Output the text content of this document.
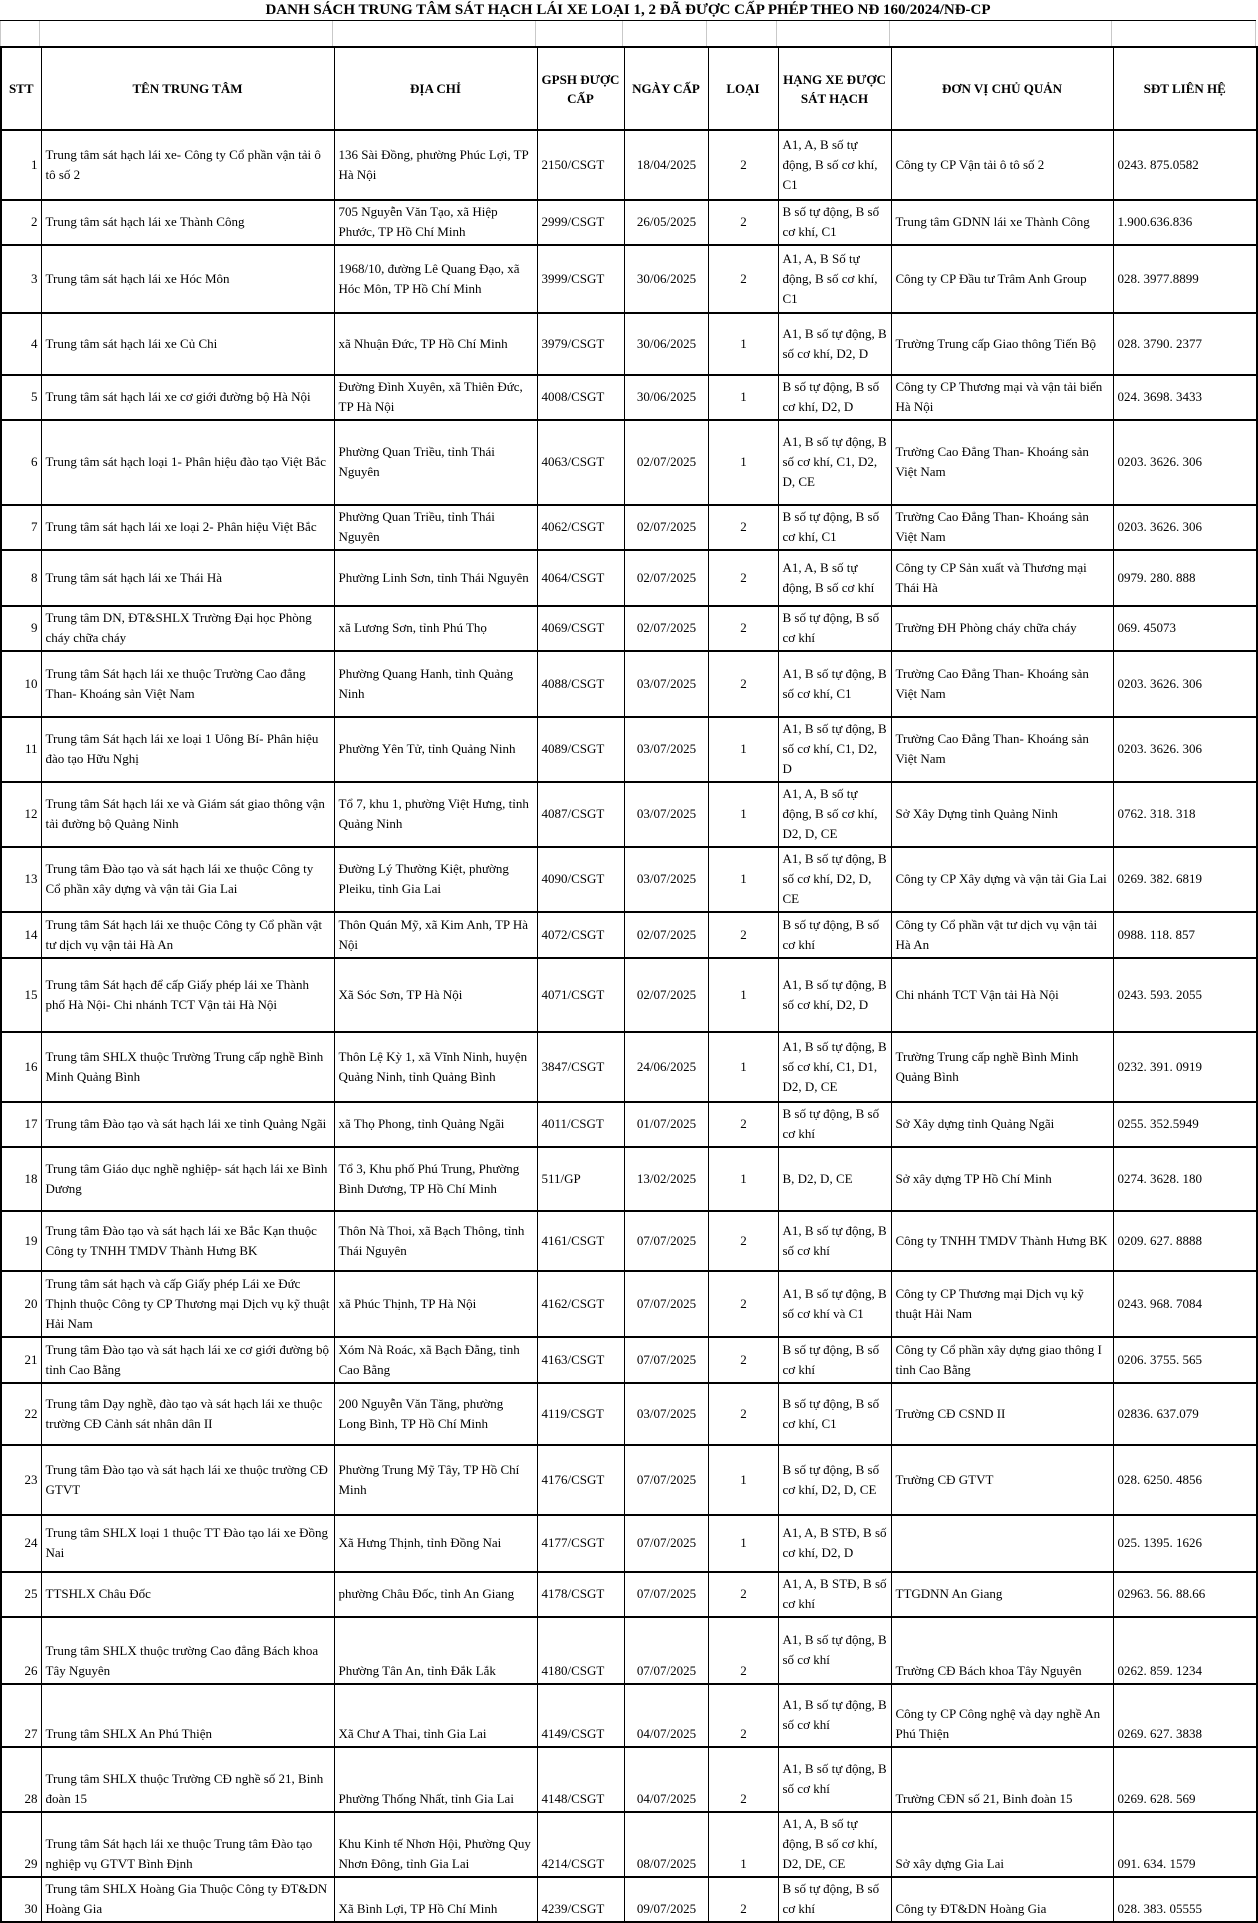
DANH SÁCH TRUNG TÂM SÁT HẠCH LÁI XE LOẠI 1, 2 ĐÃ ĐƯỢC CẤP PHÉP THEO NĐ 160/2024/NĐ-CP
STT	TÊN TRUNG TÂM	ĐỊA CHỈ	GPSH ĐƯỢC CẤP	NGÀY CẤP	LOẠI	HẠNG XE ĐƯỢC SÁT HẠCH	ĐƠN VỊ CHỦ QUẢN	SĐT LIÊN HỆ
1	Trung tâm sát hạch lái xe- Công ty Cổ phần vận tải ô tô số 2	136 Sài Đồng, phường Phúc Lợi, TP Hà Nội	2150/CSGT	18/04/2025	2	A1, A, B số tự động, B số cơ khí, C1	Công ty CP Vận tải ô tô số 2	0243. 875.0582
2	Trung tâm sát hạch lái xe Thành Công	705 Nguyễn Văn Tạo, xã Hiệp Phước, TP Hồ Chí Minh	2999/CSGT	26/05/2025	2	B số tự động, B số cơ khí, C1	Trung tâm GDNN lái xe Thành Công	1.900.636.836
3	Trung tâm sát hạch lái xe Hóc Môn	1968/10, đường Lê Quang Đạo, xã Hóc Môn, TP Hồ Chí Minh	3999/CSGT	30/06/2025	2	A1, A, B Số tự động, B số cơ khí, C1	Công ty CP Đầu tư Trâm Anh Group	028. 3977.8899
4	Trung tâm sát hạch lái xe Củ Chi	xã Nhuận Đức, TP Hồ Chí Minh	3979/CSGT	30/06/2025	1	A1, B số tự động, B số cơ khí, D2, D	Trường Trung cấp Giao thông Tiến Bộ	028. 3790. 2377
5	Trung tâm sát hạch lái xe cơ giới đường bộ Hà Nội	Đường Đình Xuyên, xã Thiên Đức, TP Hà Nội	4008/CSGT	30/06/2025	1	B số tự động, B số cơ khí, D2, D	Công ty CP Thương mại và vận tải biển Hà Nội	024. 3698. 3433
6	Trung tâm sát hạch loại 1- Phân hiệu đào tạo Việt Bắc	Phường Quan Triều, tỉnh Thái Nguyên	4063/CSGT	02/07/2025	1	A1, B số tự động, B số cơ khí, C1, D2, D, CE	Trường Cao Đẳng Than- Khoáng sản Việt Nam	0203. 3626. 306
7	Trung tâm sát hạch lái xe loại 2- Phân hiệu Việt Bắc	Phường Quan Triều, tỉnh Thái Nguyên	4062/CSGT	02/07/2025	2	B số tự động, B số cơ khí, C1	Trường Cao Đẳng Than- Khoáng sản Việt Nam	0203. 3626. 306
8	Trung tâm sát hạch lái xe Thái Hà	Phường Linh Sơn, tỉnh Thái Nguyên	4064/CSGT	02/07/2025	2	A1, A, B số tự động, B số cơ khí	Công ty CP Sản xuất và Thương mại Thái Hà	0979. 280. 888
9	Trung tâm DN, ĐT&SHLX Trường Đại học Phòng cháy chữa cháy	xã Lương Sơn, tỉnh Phú Thọ	4069/CSGT	02/07/2025	2	B số tự động, B số cơ khí	Trường ĐH Phòng cháy chữa cháy	069. 45073
10	Trung tâm Sát hạch lái xe thuộc Trường Cao đẳng Than- Khoáng sản Việt Nam	Phường Quang Hanh, tỉnh Quảng Ninh	4088/CSGT	03/07/2025	2	A1, B số tự động, B số cơ khí, C1	Trường Cao Đẳng Than- Khoáng sản Việt Nam	0203. 3626. 306
11	Trung tâm Sát hạch lái xe loại 1 Uông Bí- Phân hiệu đào tạo Hữu Nghị	Phường Yên Tử, tỉnh Quảng Ninh	4089/CSGT	03/07/2025	1	A1, B số tự động, B số cơ khí, C1, D2, D	Trường Cao Đẳng Than- Khoáng sản Việt Nam	0203. 3626. 306
12	Trung tâm Sát hạch lái xe và Giám sát giao thông vận tải đường bộ Quảng Ninh	Tổ 7, khu 1, phường Việt Hưng, tỉnh Quảng Ninh	4087/CSGT	03/07/2025	1	A1, A, B số tự động, B số cơ khí, D2, D, CE	Sở Xây Dựng tỉnh Quảng Ninh	0762. 318. 318
13	Trung tâm Đào tạo và sát hạch lái xe thuộc Công ty Cổ phần xây dựng và vận tải Gia Lai	Đường Lý Thường Kiệt, phường Pleiku, tỉnh Gia Lai	4090/CSGT	03/07/2025	1	A1, B số tự động, B số cơ khí, D2, D, CE	Công ty CP Xây dựng và vận tải Gia Lai	0269. 382. 6819
14	Trung tâm Sát hạch lái xe thuộc Công ty Cổ phần vật tư dịch vụ vận tải Hà An	Thôn Quán Mỹ, xã Kim Anh, TP Hà Nội	4072/CSGT	02/07/2025	2	B số tự động, B số cơ khí	Công ty Cổ phần vật tư dịch vụ vận tải Hà An	0988. 118. 857
15	Trung tâm Sát hạch để cấp Giấy phép lái xe Thành phố Hà Nội- Chi nhánh TCT Vận tải Hà Nội	Xã Sóc Sơn, TP Hà Nội	4071/CSGT	02/07/2025	1	A1, B số tự động, B số cơ khí, D2, D	Chi nhánh TCT Vận tải Hà Nội	0243. 593. 2055
16	Trung tâm SHLX thuộc Trường Trung cấp nghề Bình Minh Quảng Bình	Thôn Lệ Kỳ 1, xã Vĩnh Ninh, huyện Quảng Ninh, tỉnh Quảng Bình	3847/CSGT	24/06/2025	1	A1, B số tự động, B số cơ khí, C1, D1, D2, D, CE	Trường Trung cấp nghề Bình Minh Quảng Bình	0232. 391. 0919
17	Trung tâm Đào tạo và sát hạch lái xe tỉnh Quảng Ngãi	xã Thọ Phong, tỉnh Quảng Ngãi	4011/CSGT	01/07/2025	2	B số tự động, B số cơ khí	Sở Xây dựng tỉnh Quảng Ngãi	0255. 352.5949
18	Trung tâm Giáo dục nghề nghiệp- sát hạch lái xe Bình Dương	Tổ 3, Khu phố Phú Trung, Phường Bình Dương, TP Hồ Chí Minh	511/GP	13/02/2025	1	B, D2, D, CE	Sở xây dựng TP Hồ Chí Minh	0274. 3628. 180
19	Trung tâm Đào tạo và sát hạch lái xe Bắc Kạn thuộc Công ty TNHH TMDV Thành Hưng BK	Thôn Nà Thoi, xã Bạch Thông, tỉnh Thái Nguyên	4161/CSGT	07/07/2025	2	A1, B số tự động, B số cơ khí	Công ty TNHH TMDV Thành Hưng BK	0209. 627. 8888
20	Trung tâm sát hạch và cấp Giấy phép Lái xe Đức Thịnh thuộc Công ty CP Thương mại Dịch vụ kỹ thuật Hải Nam	xã Phúc Thịnh, TP Hà Nội	4162/CSGT	07/07/2025	2	A1, B số tự động, B số cơ khí và C1	Công ty CP Thương mại Dịch vụ kỹ thuật Hải Nam	0243. 968. 7084
21	Trung tâm Đào tạo và sát hạch lái xe cơ giới đường bộ tỉnh Cao Bằng	Xóm Nà Roác, xã Bạch Đằng, tỉnh Cao Bằng	4163/CSGT	07/07/2025	2	B số tự động, B số cơ khí	Công ty Cổ phần xây dựng giao thông I tỉnh Cao Bằng	0206. 3755. 565
22	Trung tâm Dạy nghề, đào tạo và sát hạch lái xe thuộc trường CĐ Cảnh sát nhân dân II	200 Nguyễn Văn Tăng, phường Long Bình, TP Hồ Chí Minh	4119/CSGT	03/07/2025	2	B số tự động, B số cơ khí, C1	Trường CĐ CSND II	02836. 637.079
23	Trung tâm Đào tạo và sát hạch lái xe thuộc trường CĐ GTVT	Phường Trung Mỹ Tây, TP Hồ Chí Minh	4176/CSGT	07/07/2025	1	B số tự động, B số cơ khí, D2, D, CE	Trường CĐ GTVT	028. 6250. 4856
24	Trung tâm SHLX loại 1 thuộc TT Đào tạo lái xe Đồng Nai	Xã Hưng Thịnh, tỉnh Đồng Nai	4177/CSGT	07/07/2025	1	A1, A, B STĐ, B số cơ khí, D2, D		025. 1395. 1626
25	TTSHLX Châu Đốc	phường Châu Đốc, tỉnh An Giang	4178/CSGT	07/07/2025	2	A1, A, B STĐ, B số cơ khí	TTGDNN An Giang	02963. 56. 88.66
26	Trung tâm SHLX thuộc trường Cao đẳng Bách khoa Tây Nguyên	Phường Tân An, tỉnh Đắk Lắk	4180/CSGT	07/07/2025	2	A1, B số tự động, B số cơ khí	Trường CĐ Bách khoa Tây Nguyên	0262. 859. 1234
27	Trung tâm SHLX An Phú Thiện	Xã Chư A Thai, tỉnh Gia Lai	4149/CSGT	04/07/2025	2	A1, B số tự động, B số cơ khí	Công ty CP Công nghệ và dạy nghề An Phú Thiện	0269. 627. 3838
28	Trung tâm SHLX thuộc Trường CĐ nghề số 21, Binh đoàn 15	Phường Thống Nhất, tỉnh Gia Lai	4148/CSGT	04/07/2025	2	A1, B số tự động, B số cơ khí	Trường CĐN số 21, Binh đoàn 15	0269. 628. 569
29	Trung tâm Sát hạch lái xe thuộc Trung tâm Đào tạo nghiệp vụ GTVT Bình Định	Khu Kinh tế Nhơn Hội, Phường Quy Nhơn Đông, tỉnh Gia Lai	4214/CSGT	08/07/2025	1	A1, A, B số tự động, B số cơ khí, D2, DE, CE	Sở xây dựng Gia Lai	091. 634. 1579
30	Trung tâm SHLX Hoàng Gia Thuộc Công ty ĐT&DN Hoàng Gia	Xã Bình Lợi, TP Hồ Chí Minh	4239/CSGT	09/07/2025	2	B số tự động, B số cơ khí	Công ty ĐT&DN Hoàng Gia	028. 383. 05555
